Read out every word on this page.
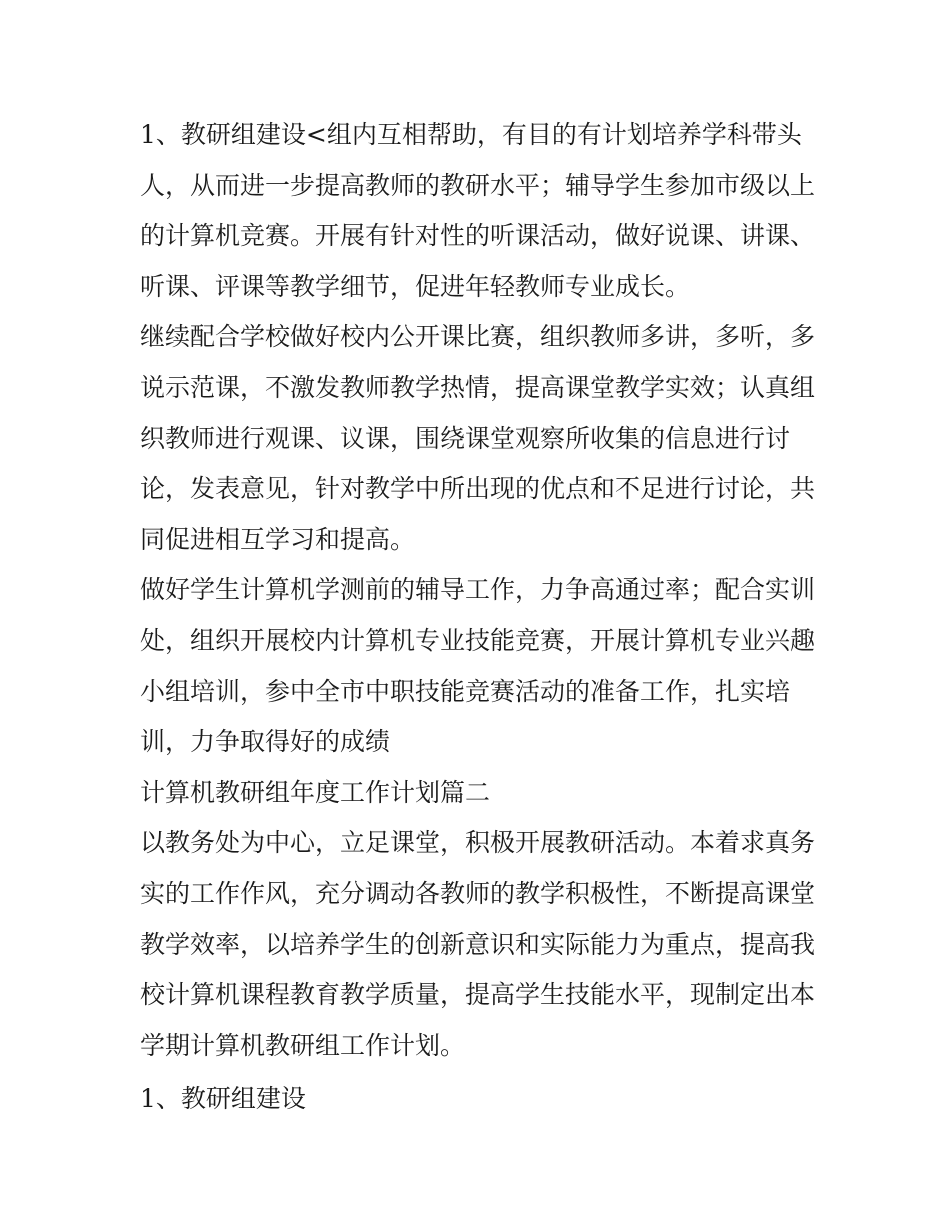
1、教研组建设<组内互相帮助，有目的有计划培养学科带头
人，从而进一步提高教师的教研水平；辅导学生参加市级以上
的计算机竞赛。开展有针对性的听课活动，做好说课、讲课、
听课、评课等教学细节，促进年轻教师专业成长。
继续配合学校做好校内公开课比赛，组织教师多讲，多听，多
说示范课，不激发教师教学热情，提高课堂教学实效；认真组
织教师进行观课、议课，围绕课堂观察所收集的信息进行讨
论，发表意见，针对教学中所出现的优点和不足进行讨论，共
同促进相互学习和提高。
做好学生计算机学测前的辅导工作，力争高通过率；配合实训
处，组织开展校内计算机专业技能竞赛，开展计算机专业兴趣
小组培训，参中全市中职技能竞赛活动的准备工作，扎实培
训，力争取得好的成绩
计算机教研组年度工作计划篇二
以教务处为中心，立足课堂，积极开展教研活动。本着求真务
实的工作作风，充分调动各教师的教学积极性，不断提高课堂
教学效率，以培养学生的创新意识和实际能力为重点，提高我
校计算机课程教育教学质量，提高学生技能水平，现制定出本
学期计算机教研组工作计划。
1、教研组建设
